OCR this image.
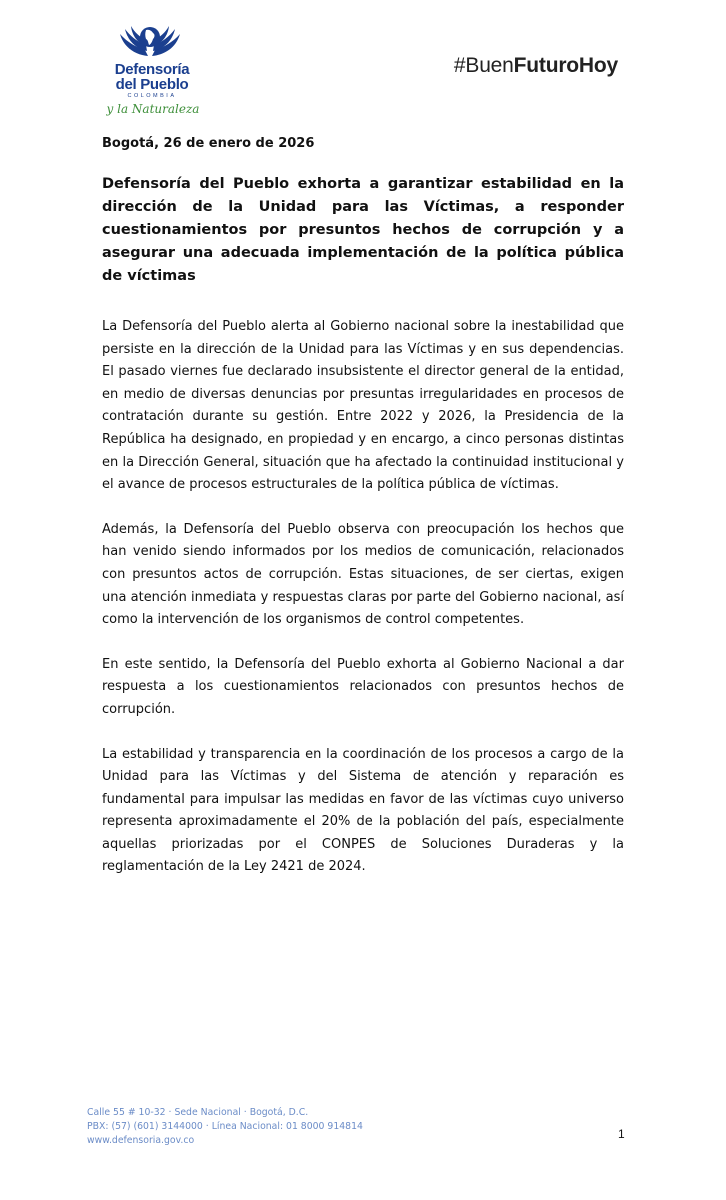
Defensoría
del Pueblo
COLOMBIA
y la Naturaleza
#BuenFuturoHoy

Bogotá, 26 de enero de 2026

Defensoría del Pueblo exhorta a garantizar estabilidad en la dirección de la Unidad para las Víctimas, a responder cuestionamientos por presuntos hechos de corrupción y a asegurar una adecuada implementación de la política pública de víctimas

La Defensoría del Pueblo alerta al Gobierno nacional sobre la inestabilidad que persiste en la dirección de la Unidad para las Víctimas y en sus dependencias. El pasado viernes fue declarado insubsistente el director general de la entidad, en medio de diversas denuncias por presuntas irregularidades en procesos de contratación durante su gestión. Entre 2022 y 2026, la Presidencia de la República ha designado, en propiedad y en encargo, a cinco personas distintas en la Dirección General, situación que ha afectado la continuidad institucional y el avance de procesos estructurales de la política pública de víctimas.

Además, la Defensoría del Pueblo observa con preocupación los hechos que han venido siendo informados por los medios de comunicación, relacionados con presuntos actos de corrupción. Estas situaciones, de ser ciertas, exigen una atención inmediata y respuestas claras por parte del Gobierno nacional, así como la intervención de los organismos de control competentes.

En este sentido, la Defensoría del Pueblo exhorta al Gobierno Nacional a dar respuesta a los cuestionamientos relacionados con presuntos hechos de corrupción.

La estabilidad y transparencia en la coordinación de los procesos a cargo de la Unidad para las Víctimas y del Sistema de atención y reparación es fundamental para impulsar las medidas en favor de las víctimas cuyo universo representa aproximadamente el 20% de la población del país, especialmente aquellas priorizadas por el CONPES de Soluciones Duraderas y la reglamentación de la Ley 2421 de 2024.

Calle 55 # 10-32 · Sede Nacional · Bogotá, D.C.
PBX: (57) (601) 3144000 · Línea Nacional: 01 8000 914814
www.defensoria.gov.co	1
